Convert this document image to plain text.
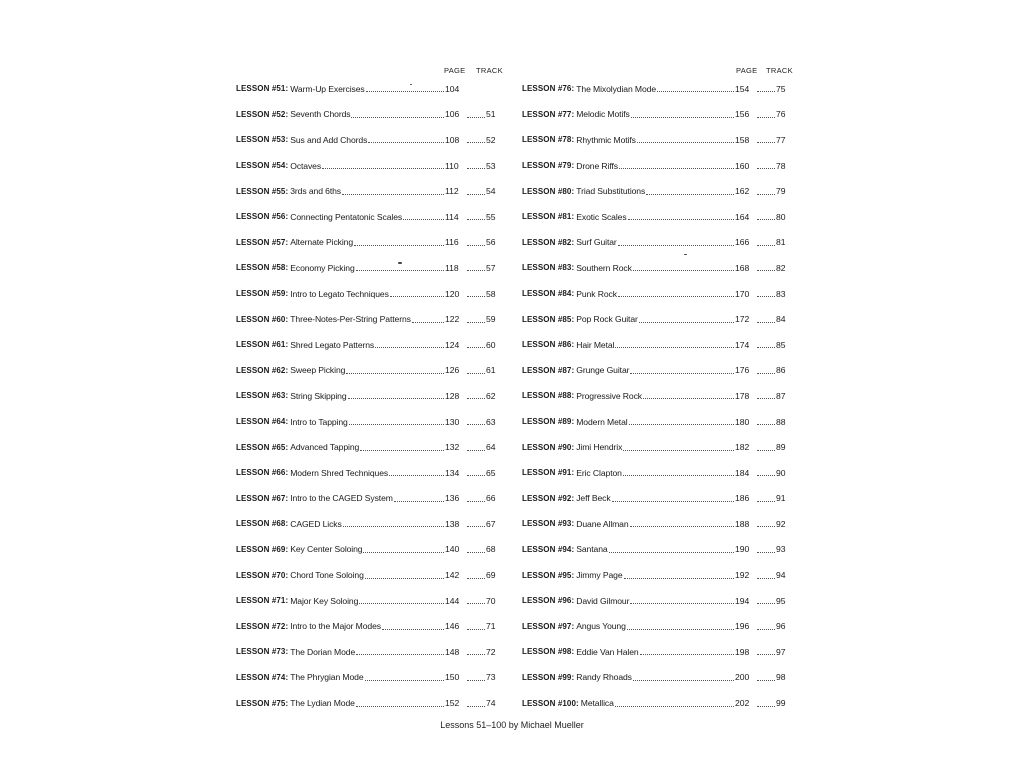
PAGE TRACK
LESSON #51: Warm-Up Exercises	104
LESSON #52: Seventh Chords	106	51
LESSON #53: Sus and Add Chords	108	52
LESSON #54: Octaves	110	53
LESSON #55: 3rds and 6ths	112	54
LESSON #56: Connecting Pentatonic Scales	114	55
LESSON #57: Alternate Picking	116	56
LESSON #58: Economy Picking	118	57
LESSON #59: Intro to Legato Techniques	120	58
LESSON #60: Three-Notes-Per-String Patterns	122	59
LESSON #61: Shred Legato Patterns	124	60
LESSON #62: Sweep Picking	126	61
LESSON #63: String Skipping	128	62
LESSON #64: Intro to Tapping	130	63
LESSON #65: Advanced Tapping	132	64
LESSON #66: Modern Shred Techniques	134	65
LESSON #67: Intro to the CAGED System	136	66
LESSON #68: CAGED Licks	138	67
LESSON #69: Key Center Soloing	140	68
LESSON #70: Chord Tone Soloing	142	69
LESSON #71: Major Key Soloing	144	70
LESSON #72: Intro to the Major Modes	146	71
LESSON #73: The Dorian Mode	148	72
LESSON #74: The Phrygian Mode	150	73
LESSON #75: The Lydian Mode	152	74
PAGE TRACK
LESSON #76: The Mixolydian Mode	154	75
LESSON #77: Melodic Motifs	156	76
LESSON #78: Rhythmic Motifs	158	77
LESSON #79: Drone Riffs	160	78
LESSON #80: Triad Substitutions	162	79
LESSON #81: Exotic Scales	164	80
LESSON #82: Surf Guitar	166	81
LESSON #83: Southern Rock	168	82
LESSON #84: Punk Rock	170	83
LESSON #85: Pop Rock Guitar	172	84
LESSON #86: Hair Metal	174	85
LESSON #87: Grunge Guitar	176	86
LESSON #88: Progressive Rock	178	87
LESSON #89: Modern Metal	180	88
LESSON #90: Jimi Hendrix	182	89
LESSON #91: Eric Clapton	184	90
LESSON #92: Jeff Beck	186	91
LESSON #93: Duane Allman	188	92
LESSON #94: Santana	190	93
LESSON #95: Jimmy Page	192	94
LESSON #96: David Gilmour	194	95
LESSON #97: Angus Young	196	96
LESSON #98: Eddie Van Halen	198	97
LESSON #99: Randy Rhoads	200	98
LESSON #100: Metallica	202	99
Lessons 51–100 by Michael Mueller
